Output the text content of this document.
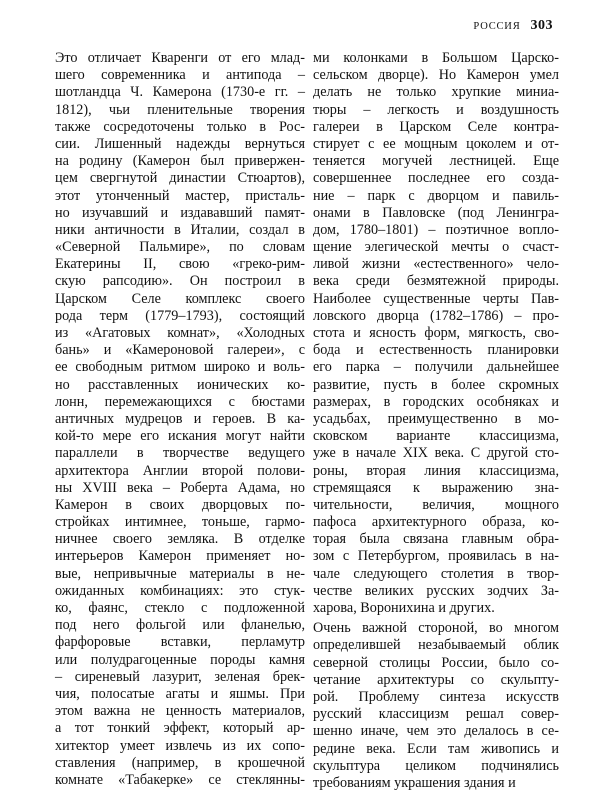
РОССИЯ 303
Это отличает Кваренги от его млад-
шего современника и антипода –
шотландца Ч. Камерона (1730-е гг. –
1812), чьи пленительные творения
также сосредоточены только в Рос-
сии. Лишенный надежды вернуться
на родину (Камерон был привержен-
цем свергнутой династии Стюартов),
этот утонченный мастер, присталь-
но изучавший и издававший памят-
ники античности в Италии, создал в
«Северной Пальмире», по словам
Екатерины II, свою «греко-рим-
скую рапсодию». Он построил в
Царском Селе комплекс своего
рода терм (1779–1793), состоящий
из «Агатовых комнат», «Холодных
бань» и «Камероновой галереи», с
ее свободным ритмом широко и воль-
но расставленных ионических ко-
лонн, перемежающихся с бюстами
античных мудрецов и героев. В ка-
кой-то мере его искания могут найти
параллели в творчестве ведущего
архитектора Англии второй полови-
ны XVIII века – Роберта Адама, но
Камерон в своих дворцовых по-
стройках интимнее, тоньше, гармо-
ничнее своего земляка. В отделке
интерьеров Камерон применяет но-
вые, непривычные материалы в не-
ожиданных комбинациях: это стук-
ко, фаянс, стекло с подложенной
под него фольгой или фланелью,
фарфоровые вставки, перламутр
или полудрагоценные породы камня
– сиреневый лазурит, зеленая брек-
чия, полосатые агаты и яшмы. При
этом важна не ценность материалов,
а тот тонкий эффект, который ар-
хитектор умеет извлечь из их сопо-
ставления (например, в крошечной
комнате «Табакерке» се стеклянны-
ми колонками в Большом Царско-
сельском дворце). Но Камерон умел
делать не только хрупкие миниа-
тюры – легкость и воздушность
галереи в Царском Селе контра-
стирует с ее мощным цоколем и от-
теняется могучей лестницей. Еще
совершеннее последнее его созда-
ние – парк с дворцом и павиль-
онами в Павловске (под Ленингра-
дом, 1780–1801) – поэтичное вопло-
щение элегической мечты о счаст-
ливой жизни «естественного» чело-
века среди безмятежной природы.
Наиболее существенные черты Пав-
ловского дворца (1782–1786) – про-
стота и ясность форм, мягкость, сво-
бода и естественность планировки
его парка – получили дальнейшее
развитие, пусть в более скромных
размерах, в городских особняках и
усадьбах, преимущественно в мо-
сковском варианте классицизма,
уже в начале XIX века. С другой сто-
роны, вторая линия классицизма,
стремящаяся к выражению зна-
чительности, величия, мощного
пафоса архитектурного образа, ко-
торая была связана главным обра-
зом с Петербургом, проявилась в на-
чале следующего столетия в твор-
честве великих русских зодчих За-
харова, Воронихина и других.
Очень важной стороной, во многом
определившей незабываемый облик
северной столицы России, было со-
четание архитектуры со скульпту-
рой. Проблему синтеза искусств
русский классицизм решал совер-
шенно иначе, чем это делалось в се-
редине века. Если там живопись и
скульптура целиком подчинялись
требованиям украшения здания и
